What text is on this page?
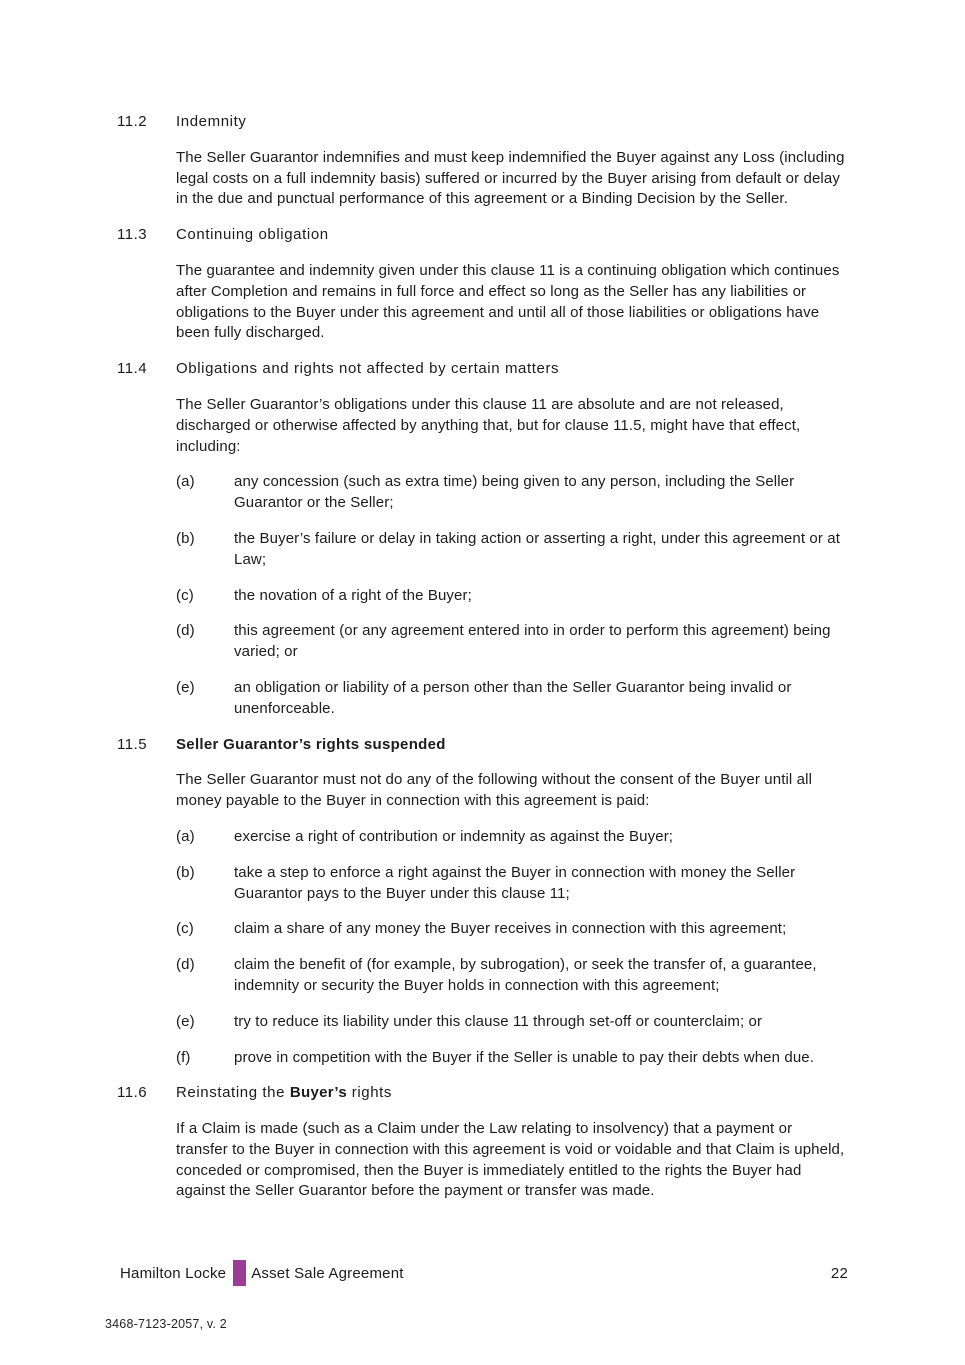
11.2	Indemnity

The Seller Guarantor indemnifies and must keep indemnified the Buyer against any Loss (including legal costs on a full indemnity basis) suffered or incurred by the Buyer arising from default or delay in the due and punctual performance of this agreement or a Binding Decision by the Seller.

11.3	Continuing obligation

The guarantee and indemnity given under this clause 11 is a continuing obligation which continues after Completion and remains in full force and effect so long as the Seller has any liabilities or obligations to the Buyer under this agreement and until all of those liabilities or obligations have been fully discharged.

11.4	Obligations and rights not affected by certain matters

The Seller Guarantor’s obligations under this clause 11 are absolute and are not released, discharged or otherwise affected by anything that, but for clause 11.5, might have that effect, including:

(a)	any concession (such as extra time) being given to any person, including the Seller Guarantor or the Seller;
(b)	the Buyer’s failure or delay in taking action or asserting a right, under this agreement or at Law;
(c)	the novation of a right of the Buyer;
(d)	this agreement (or any agreement entered into in order to perform this agreement) being varied; or
(e)	an obligation or liability of a person other than the Seller Guarantor being invalid or unenforceable.
11.5	Seller Guarantor’s rights suspended

The Seller Guarantor must not do any of the following without the consent of the Buyer until all money payable to the Buyer in connection with this agreement is paid:

(a)	exercise a right of contribution or indemnity as against the Buyer;
(b)	take a step to enforce a right against the Buyer in connection with money the Seller Guarantor pays to the Buyer under this clause 11;
(c)	claim a share of any money the Buyer receives in connection with this agreement;
(d)	claim the benefit of (for example, by subrogation), or seek the transfer of, a guarantee, indemnity or security the Buyer holds in connection with this agreement;
(e)	try to reduce its liability under this clause 11 through set-off or counterclaim; or
(f)	prove in competition with the Buyer if the Seller is unable to pay their debts when due.
11.6	Reinstating the Buyer’s rights

If a Claim is made (such as a Claim under the Law relating to insolvency) that a payment or transfer to the Buyer in connection with this agreement is void or voidable and that Claim is upheld, conceded or compromised, then the Buyer is immediately entitled to the rights the Buyer had against the Seller Guarantor before the payment or transfer was made.

Hamilton Locke Asset Sale Agreement	22
3468-7123-2057, v. 2
